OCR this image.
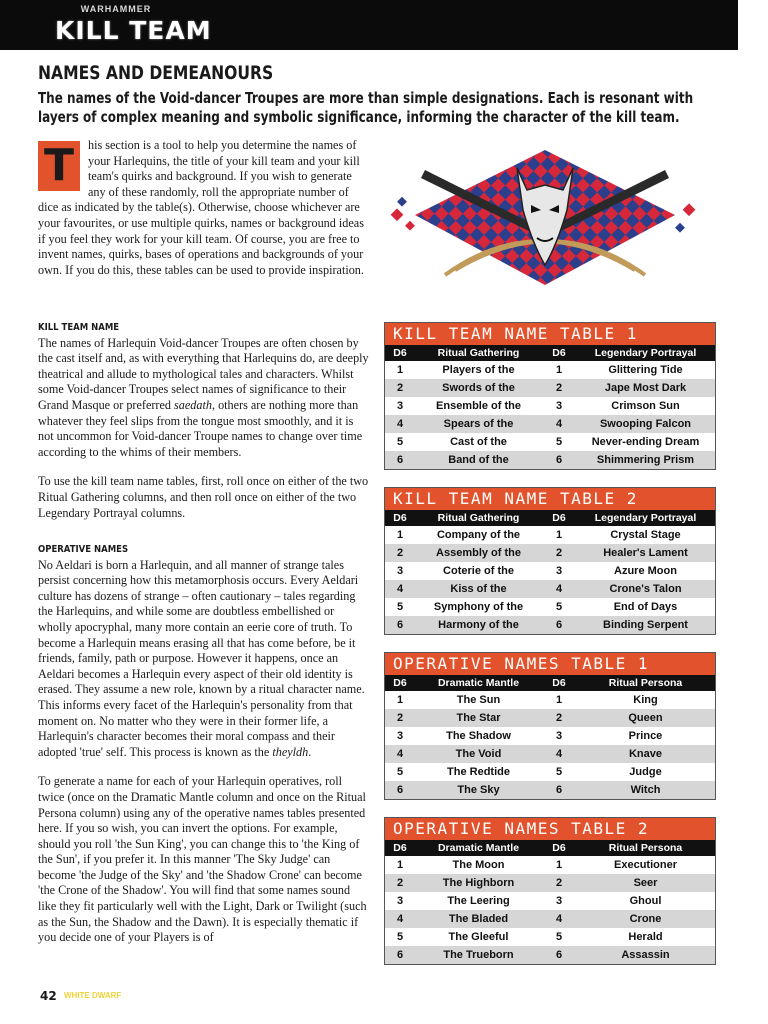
WARHAMMER
KILL TEAM
NAMES AND DEMEANOURS
The names of the Void-dancer Troupes are more than simple designations. Each is resonant with layers of complex meaning and symbolic significance, informing the character of the kill team.
T	his section is a tool to help you determine the names of your Harlequins, the title of your kill team and your kill team's quirks and background. If you wish to generate any of these randomly, roll the appropriate number of dice as indicated by the table(s). Otherwise, choose whichever are your favourites, or use multiple quirks, names or background ideas if you feel they work for your kill team. Of course, you are free to invent names, quirks, bases of operations and backgrounds of your own. If you do this, these tables can be used to provide inspiration.
KILL TEAM NAME

The names of Harlequin Void-dancer Troupes are often chosen by the cast itself and, as with everything that Harlequins do, are deeply theatrical and allude to mythological tales and characters. Whilst some Void-dancer Troupes select names of significance to their Grand Masque or preferred saedath, others are nothing more than whatever they feel slips from the tongue most smoothly, and it is not uncommon for Void-dancer Troupe names to change over time according to the whims of their members.

To use the kill team name tables, first, roll once on either of the two Ritual Gathering columns, and then roll once on either of the two Legendary Portrayal columns.

OPERATIVE NAMES

No Aeldari is born a Harlequin, and all manner of strange tales persist concerning how this metamorphosis occurs. Every Aeldari culture has dozens of strange – often cautionary – tales regarding the Harlequins, and while some are doubtless embellished or wholly apocryphal, many more contain an eerie core of truth. To become a Harlequin means erasing all that has come before, be it friends, family, path or purpose. However it happens, once an Aeldari becomes a Harlequin every aspect of their old identity is erased. They assume a new role, known by a ritual character name. This informs every facet of the Harlequin's personality from that moment on. No matter who they were in their former life, a Harlequin's character becomes their moral compass and their adopted 'true' self. This process is known as the theyldh.

To generate a name for each of your Harlequin operatives, roll twice (once on the Dramatic Mantle column and once on the Ritual Persona column) using any of the operative names tables presented here. If you so wish, you can invert the options. For example, should you roll 'the Sun King', you can change this to 'the King of the Sun', if you prefer it. In this manner 'The Sky Judge' can become 'the Judge of the Sky' and 'the Shadow Crone' can become 'the Crone of the Shadow'. You will find that some names sound like they fit particularly well with the Light, Dark or Twilight (such as the Sun, the Shadow and the Dawn). It is especially thematic if you decide one of your Players is of

KILL TEAM NAME TABLE 1
D6	Ritual Gathering	D6	Legendary Portrayal
1	Players of the	1	Glittering Tide
2	Swords of the	2	Jape Most Dark
3	Ensemble of the	3	Crimson Sun
4	Spears of the	4	Swooping Falcon
5	Cast of the	5	Never-ending Dream
6	Band of the	6	Shimmering Prism
KILL TEAM NAME TABLE 2
D6	Ritual Gathering	D6	Legendary Portrayal
1	Company of the	1	Crystal Stage
2	Assembly of the	2	Healer's Lament
3	Coterie of the	3	Azure Moon
4	Kiss of the	4	Crone's Talon
5	Symphony of the	5	End of Days
6	Harmony of the	6	Binding Serpent
OPERATIVE NAMES TABLE 1
D6	Dramatic Mantle	D6	Ritual Persona
1	The Sun	1	King
2	The Star	2	Queen
3	The Shadow	3	Prince
4	The Void	4	Knave
5	The Redtide	5	Judge
6	The Sky	6	Witch
OPERATIVE NAMES TABLE 2
D6	Dramatic Mantle	D6	Ritual Persona
1	The Moon	1	Executioner
2	The Highborn	2	Seer
3	The Leering	3	Ghoul
4	The Bladed	4	Crone
5	The Gleeful	5	Herald
6	The Trueborn	6	Assassin
42 WHITE DWARF
